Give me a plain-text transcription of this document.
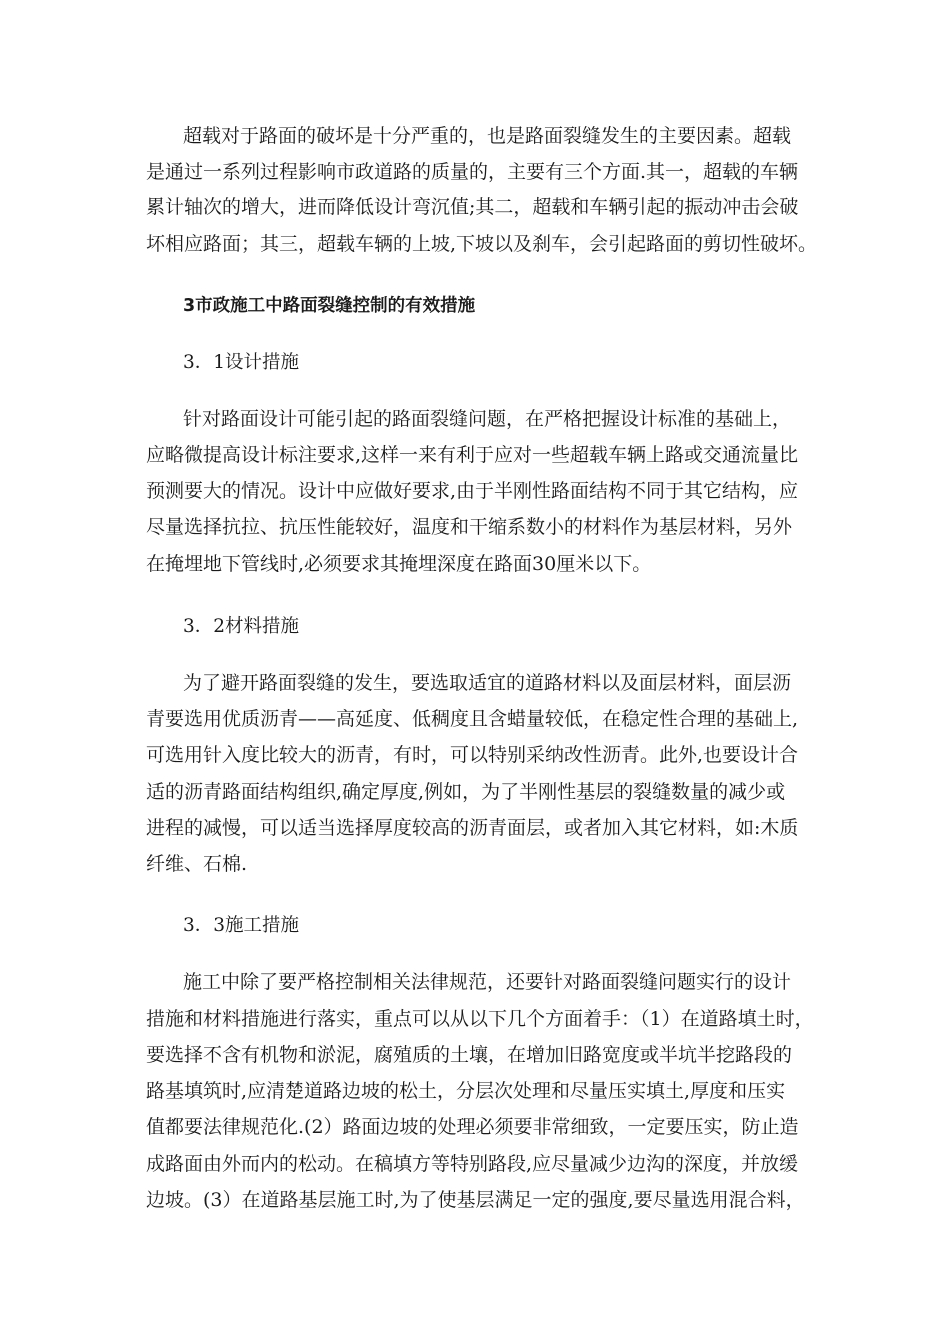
超载对于路面的破坏是十分严重的，也是路面裂缝发生的主要因素。超载

是通过一系列过程影响市政道路的质量的，主要有三个方面.其一，超载的车辆

累计轴次的增大，进而降低设计弯沉值;其二，超载和车辆引起的振动冲击会破

坏相应路面；其三，超载车辆的上坡,下坡以及刹车，会引起路面的剪切性破坏。

3市政施工中路面裂缝控制的有效措施

3．1设计措施

针对路面设计可能引起的路面裂缝问题，在严格把握设计标准的基础上，

应略微提高设计标注要求,这样一来有利于应对一些超载车辆上路或交通流量比

预测要大的情况。设计中应做好要求,由于半刚性路面结构不同于其它结构，应

尽量选择抗拉、抗压性能较好，温度和干缩系数小的材料作为基层材料，另外

在掩埋地下管线时,必须要求其掩埋深度在路面30厘米以下。

3．2材料措施

为了避开路面裂缝的发生，要选取适宜的道路材料以及面层材料，面层沥

青要选用优质沥青——高延度、低稠度且含蜡量较低，在稳定性合理的基础上,

可选用针入度比较大的沥青，有时，可以特别采纳改性沥青。此外,也要设计合

适的沥青路面结构组织,确定厚度,例如，为了半刚性基层的裂缝数量的减少或

进程的减慢，可以适当选择厚度较高的沥青面层，或者加入其它材料，如:木质

纤维、石棉.

3．3施工措施

施工中除了要严格控制相关法律规范，还要针对路面裂缝问题实行的设计

措施和材料措施进行落实，重点可以从以下几个方面着手：（1）在道路填土时，

要选择不含有机物和淤泥，腐殖质的土壤，在增加旧路宽度或半坑半挖路段的

路基填筑时,应清楚道路边坡的松土，分层次处理和尽量压实填土,厚度和压实

值都要法律规范化.(2）路面边坡的处理必须要非常细致，一定要压实，防止造

成路面由外而内的松动。在稿填方等特别路段,应尽量减少边沟的深度，并放缓

边坡。(3）在道路基层施工时,为了使基层满足一定的强度,要尽量选用混合料，
